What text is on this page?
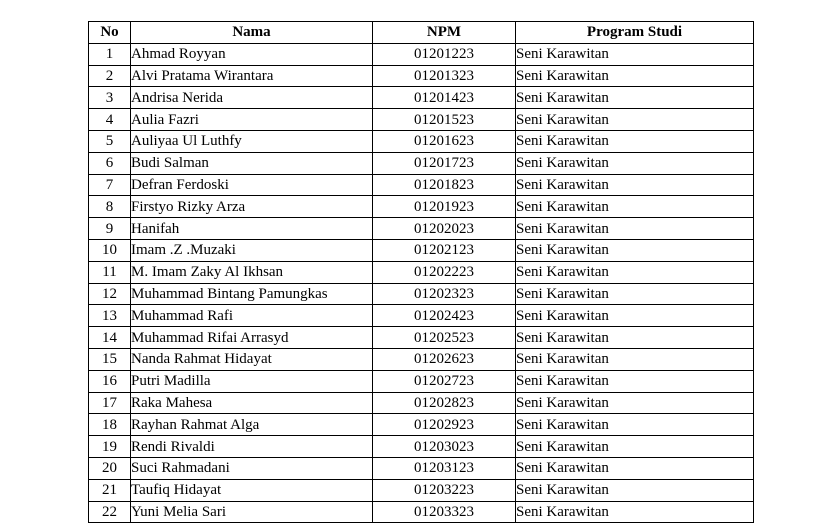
No	Nama	NPM	Program Studi
1	Ahmad Royyan	01201223	Seni Karawitan
2	Alvi Pratama Wirantara	01201323	Seni Karawitan
3	Andrisa Nerida	01201423	Seni Karawitan
4	Aulia Fazri	01201523	Seni Karawitan
5	Auliyaa Ul Luthfy	01201623	Seni Karawitan
6	Budi Salman	01201723	Seni Karawitan
7	Defran Ferdoski	01201823	Seni Karawitan
8	Firstyo Rizky Arza	01201923	Seni Karawitan
9	Hanifah	01202023	Seni Karawitan
10	Imam .Z .Muzaki	01202123	Seni Karawitan
11	M. Imam Zaky Al Ikhsan	01202223	Seni Karawitan
12	Muhammad Bintang Pamungkas	01202323	Seni Karawitan
13	Muhammad Rafi	01202423	Seni Karawitan
14	Muhammad Rifai Arrasyd	01202523	Seni Karawitan
15	Nanda Rahmat Hidayat	01202623	Seni Karawitan
16	Putri Madilla	01202723	Seni Karawitan
17	Raka Mahesa	01202823	Seni Karawitan
18	Rayhan Rahmat Alga	01202923	Seni Karawitan
19	Rendi Rivaldi	01203023	Seni Karawitan
20	Suci Rahmadani	01203123	Seni Karawitan
21	Taufiq Hidayat	01203223	Seni Karawitan
22	Yuni Melia Sari	01203323	Seni Karawitan
